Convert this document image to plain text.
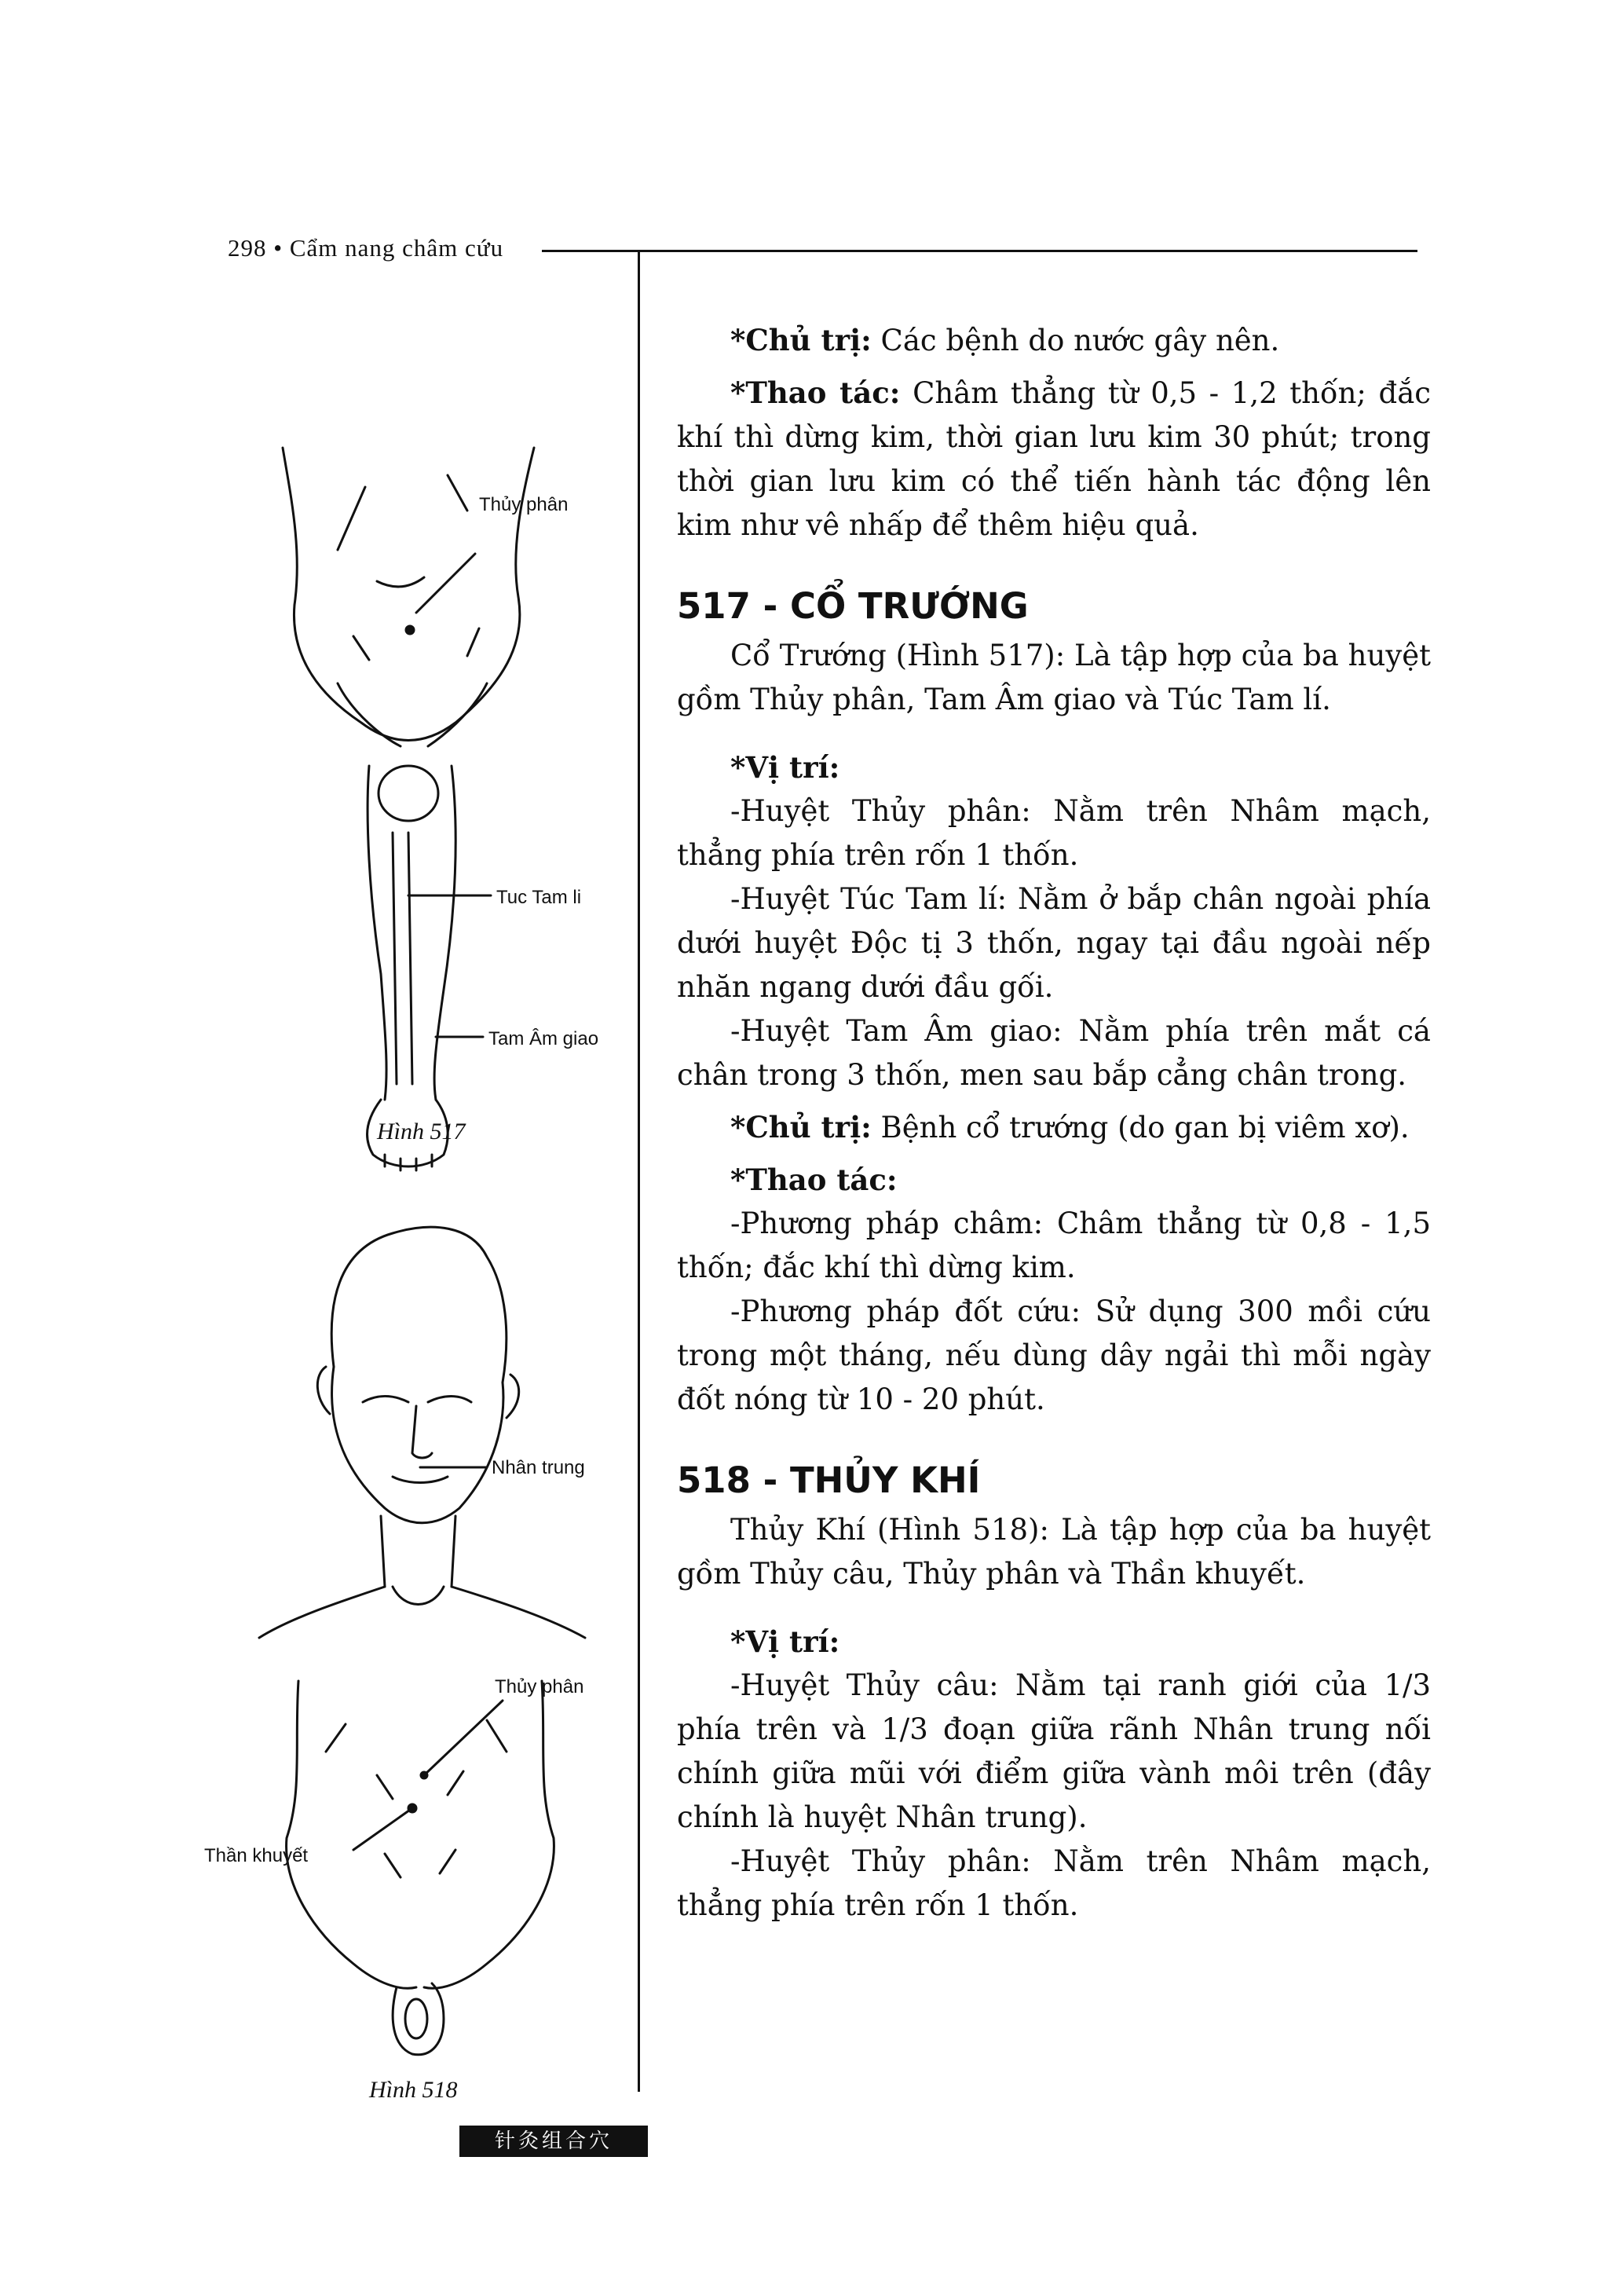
298 • Cẩm nang châm cứu

*Chủ trị: Các bệnh do nước gây nên.

*Thao tác: Châm thẳng từ 0,5 - 1,2 thốn; đắc khí thì dừng kim, thời gian lưu kim 30 phút; trong thời gian lưu kim có thể tiến hành tác động lên kim như vê nhấp để thêm hiệu quả.

517 - CỔ TRƯỚNG

Cổ Trướng (Hình 517): Là tập hợp của ba huyệt gồm Thủy phân, Tam Âm giao và Túc Tam lí.

*Vị trí:

-Huyệt Thủy phân: Nằm trên Nhâm mạch, thẳng phía trên rốn 1 thốn.

-Huyệt Túc Tam lí: Nằm ở bắp chân ngoài phía dưới huyệt Độc tị 3 thốn, ngay tại đầu ngoài nếp nhăn ngang dưới đầu gối.

-Huyệt Tam Âm giao: Nằm phía trên mắt cá chân trong 3 thốn, men sau bắp cẳng chân trong.

*Chủ trị: Bệnh cổ trướng (do gan bị viêm xơ).

*Thao tác:

-Phương pháp châm: Châm thẳng từ 0,8 - 1,5 thốn; đắc khí thì dừng kim.

-Phương pháp đốt cứu: Sử dụng 300 mồi cứu trong một tháng, nếu dùng dây ngải thì mỗi ngày đốt nóng từ 10 - 20 phút.

518 - THỦY KHÍ

Thủy Khí (Hình 518): Là tập hợp của ba huyệt gồm Thủy câu, Thủy phân và Thần khuyết.

*Vị trí:

-Huyệt Thủy câu: Nằm tại ranh giới của 1/3 phía trên và 1/3 đoạn giữa rãnh Nhân trung nối chính giữa mũi với điểm giữa vành môi trên (đây chính là huyệt Nhân trung).

-Huyệt Thủy phân: Nằm trên Nhâm mạch, thẳng phía trên rốn 1 thốn.

Thủy phân
Tuc Tam li
Tam Âm giao
Hình 517
Nhân trung
Thủy phân
Thần khuyết
Hình 518
针灸组合穴
